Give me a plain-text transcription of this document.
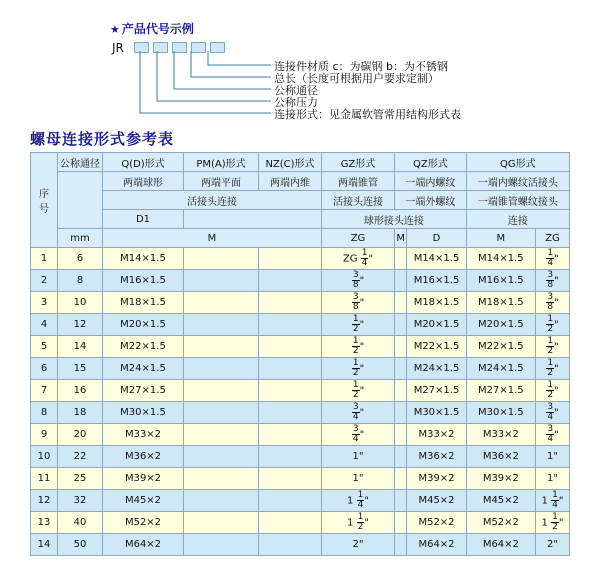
★ 产品代号示例
JR
连接件材质 c：为碳钢 b：为不锈钢
总长（长度可根据用户要求定制）
公称通径
公称压力
连接形式：见金属软管常用结构形式表
螺母连接形式参考表
序
号	公称通径	Q(D)形式	PM(A)形式	NZ(C)形式	GZ形式	QZ形式		QG形式	
		两端球形	两端平面	两端内维	两端锥管	一端内螺纹		一端内螺纹活接头	
		活接头连接			活接头连接	一端外螺纹		一端锥管螺纹接头	
		D1			球形接头连接			连接	
	mm	M			ZG	M	D	M	ZG
1	6	M14×1.5			ZG $\frac{1}{4}$ "		M14×1.5	M14×1.5	$\frac{1}{4}$ "
2	8	M16×1.5			$\frac{3}{8}$ "		M16×1.5	M16×1.5	$\frac{3}{8}$ "
3	10	M18×1.5			$\frac{3}{8}$ "		M18×1.5	M18×1.5	$\frac{3}{8}$ "
4	12	M20×1.5			$\frac{1}{2}$ "		M20×1.5	M20×1.5	$\frac{1}{2}$ "
5	14	M22×1.5			$\frac{1}{2}$ "		M22×1.5	M22×1.5	$\frac{1}{2}$ "
6	15	M24×1.5			$\frac{1}{2}$ "		M24×1.5	M24×1.5	$\frac{1}{2}$ "
7	16	M27×1.5			$\frac{1}{2}$ "		M27×1.5	M27×1.5	$\frac{1}{2}$ "
8	18	M30×1.5			$\frac{3}{4}$ "		M30×1.5	M30×1.5	$\frac{3}{4}$ "
9	20	M33×2			$\frac{3}{4}$ "		M33×2	M33×2	$\frac{3}{4}$ "
10	22	M36×2			1"		M36×2	M36×2	1"
11	25	M39×2			1"		M39×2	M39×2	1"
12	32	M45×2			$1 \frac{1}{4}$ "		M45×2	M45×2	$1 \frac{1}{4}$ "
13	40	M52×2			$1 \frac{1}{2}$ "		M52×2	M52×2	$1 \frac{1}{2}$ "
14	50	M64×2			2"		M64×2	M64×2	2"
